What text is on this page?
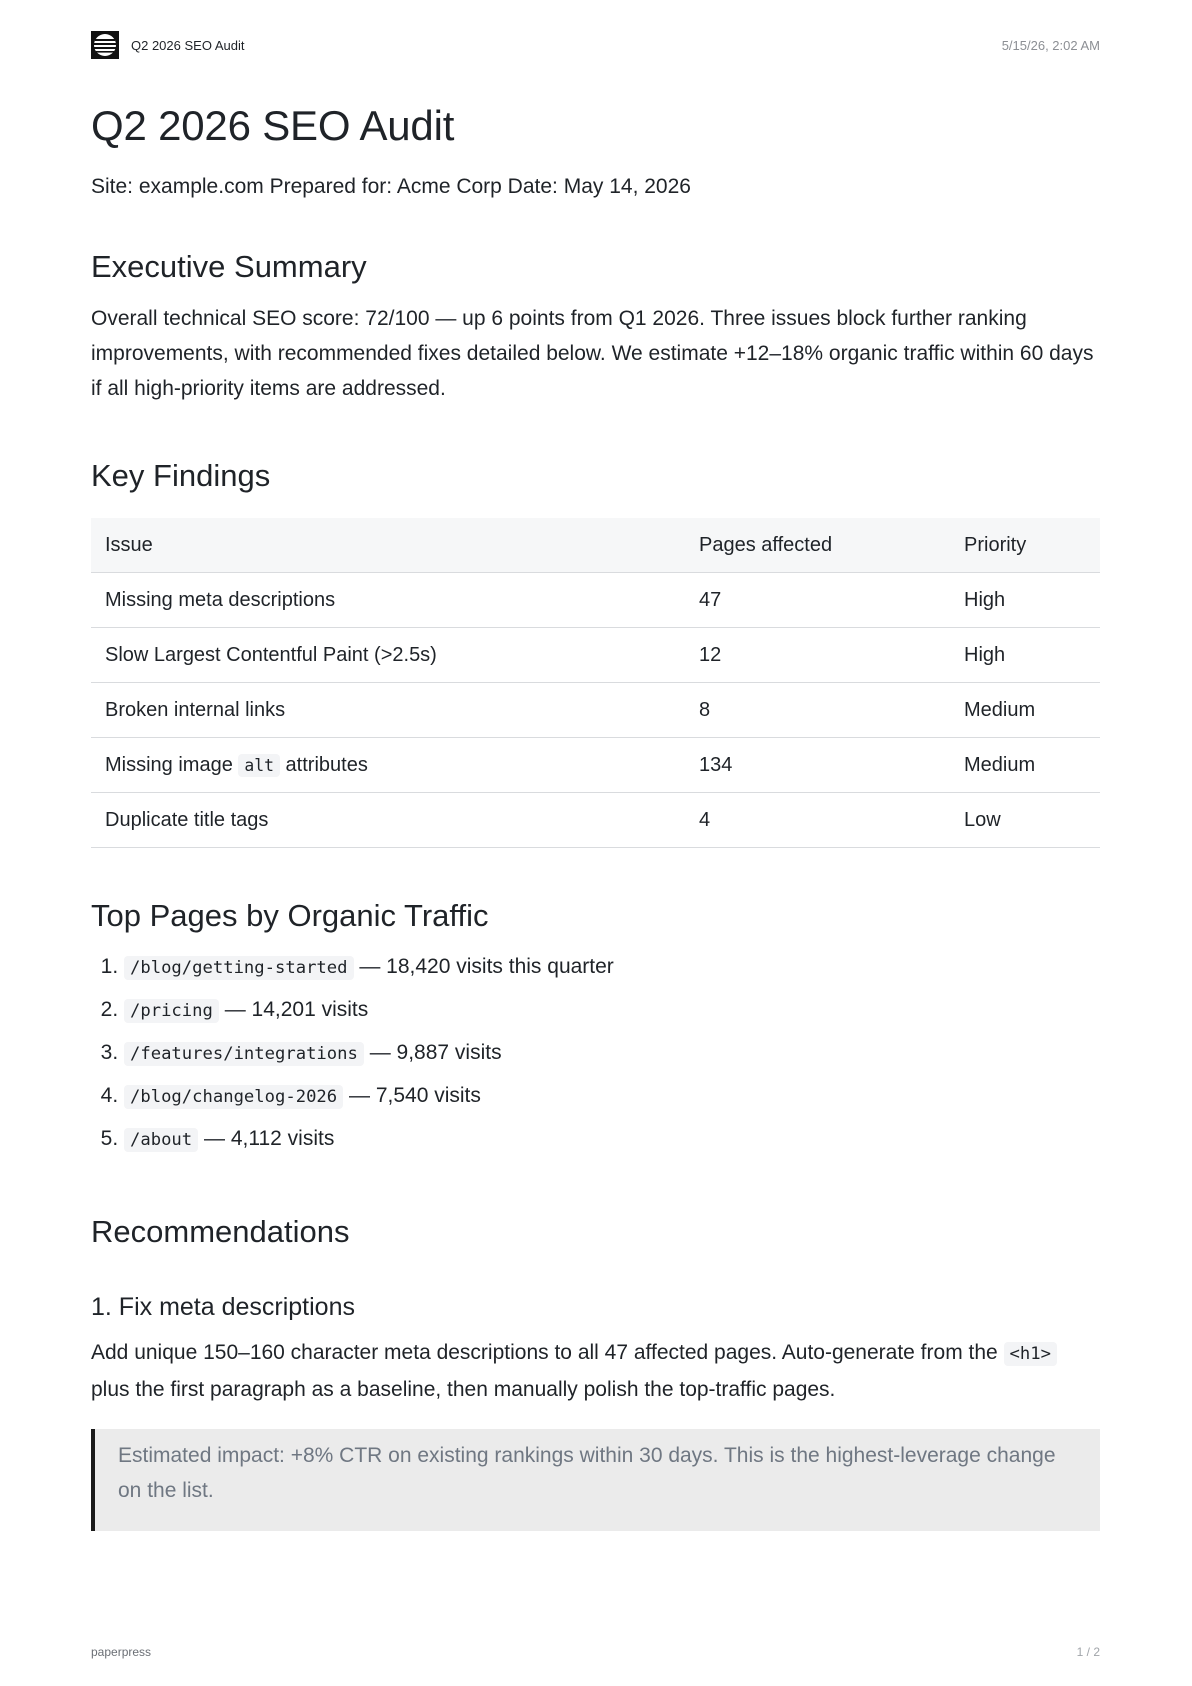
Q2 2026 SEO Audit	5/15/26, 2:02 AM
Q2 2026 SEO Audit

Site: example.com Prepared for: Acme Corp Date: May 14, 2026

Executive Summary

Overall technical SEO score: 72/100 — up 6 points from Q1 2026. Three issues block further ranking improvements, with recommended fixes detailed below. We estimate +12–18% organic traffic within 60 days if all high-priority items are addressed.

Key Findings
Issue	Pages affected	Priority
Missing meta descriptions	47	High
Slow Largest Contentful Paint (>2.5s)	12	High
Broken internal links	8	Medium
Missing image alt attributes	134	Medium
Duplicate title tags	4	Low
Top Pages by Organic Traffic
1. /blog/getting-started — 18,420 visits this quarter
2. /pricing — 14,201 visits
3. /features/integrations — 9,887 visits
4. /blog/changelog-2026 — 7,540 visits
5. /about — 4,112 visits
Recommendations
1. Fix meta descriptions

Add unique 150–160 character meta descriptions to all 47 affected pages. Auto-generate from the <h1> plus the first paragraph as a baseline, then manually polish the top-traffic pages.

Estimated impact: +8% CTR on existing rankings within 30 days. This is the highest-leverage change on the list.
paperpress	1 / 2
